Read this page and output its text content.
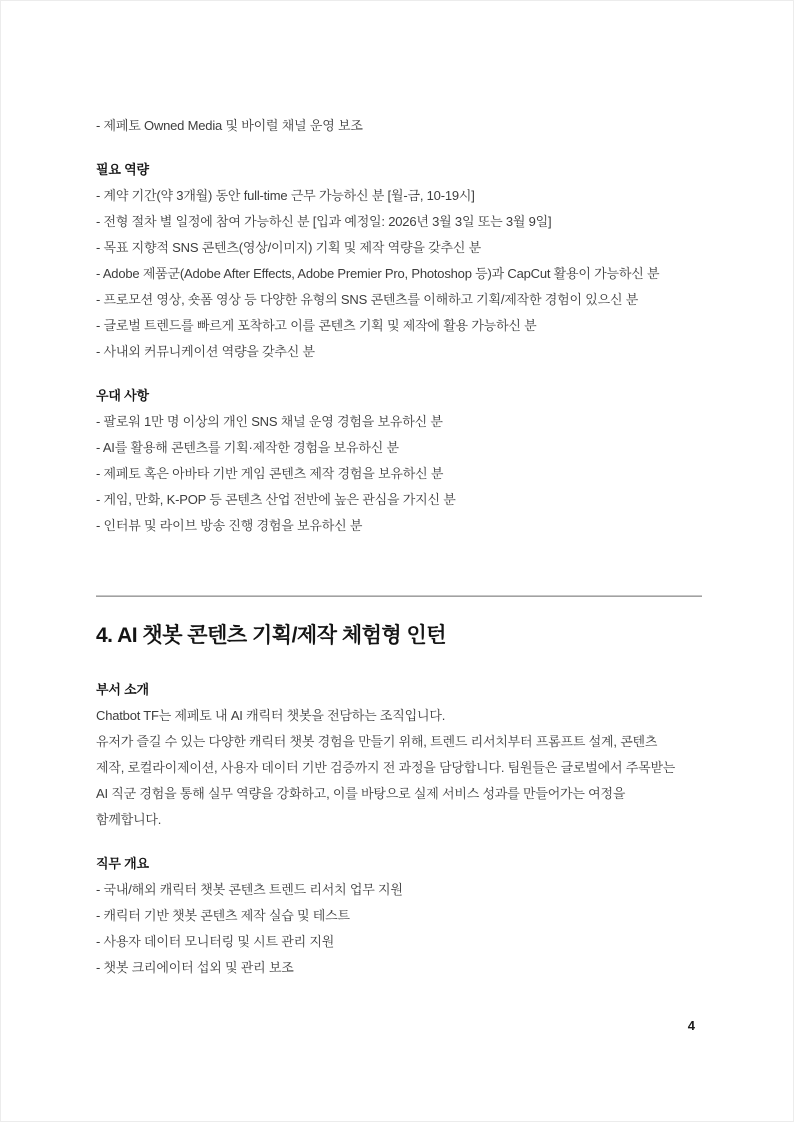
- 제페토 Owned Media 및 바이럴 채널 운영 보조

필요 역량

- 계약 기간(약 3개월) 동안 full-time 근무 가능하신 분 [월-금, 10-19시]

- 전형 절차 별 일정에 참여 가능하신 분 [입과 예정일: 2026년 3월 3일 또는 3월 9일]

- 목표 지향적 SNS 콘텐츠(영상/이미지) 기획 및 제작 역량을 갖추신 분

- Adobe 제품군(Adobe After Effects, Adobe Premier Pro, Photoshop 등)과 CapCut 활용이 가능하신 분

- 프로모션 영상, 숏폼 영상 등 다양한 유형의 SNS 콘텐츠를 이해하고 기획/제작한 경험이 있으신 분

- 글로벌 트렌드를 빠르게 포착하고 이를 콘텐츠 기획 및 제작에 활용 가능하신 분

- 사내외 커뮤니케이션 역량을 갖추신 분

우대 사항

- 팔로워 1만 명 이상의 개인 SNS 채널 운영 경험을 보유하신 분

- AI를 활용해 콘텐츠를 기획·제작한 경험을 보유하신 분

- 제페토 혹은 아바타 기반 게임 콘텐츠 제작 경험을 보유하신 분

- 게임, 만화, K-POP 등 콘텐츠 산업 전반에 높은 관심을 가지신 분

- 인터뷰 및 라이브 방송 진행 경험을 보유하신 분

4. AI 챗봇 콘텐츠 기획/제작 체험형 인턴

부서 소개

Chatbot TF는 제페토 내 AI 캐릭터 챗봇을 전담하는 조직입니다.

유저가 즐길 수 있는 다양한 캐릭터 챗봇 경험을 만들기 위해, 트렌드 리서치부터 프롬프트 설계, 콘텐츠

제작, 로컬라이제이션, 사용자 데이터 기반 검증까지 전 과정을 담당합니다. 팀원들은 글로벌에서 주목받는

AI 직군 경험을 통해 실무 역량을 강화하고, 이를 바탕으로 실제 서비스 성과를 만들어가는 여정을

함께합니다.

직무 개요

- 국내/해외 캐릭터 챗봇 콘텐츠 트렌드 리서치 업무 지원

- 캐릭터 기반 챗봇 콘텐츠 제작 실습 및 테스트

- 사용자 데이터 모니터링 및 시트 관리 지원

- 챗봇 크리에이터 섭외 및 관리 보조

4
